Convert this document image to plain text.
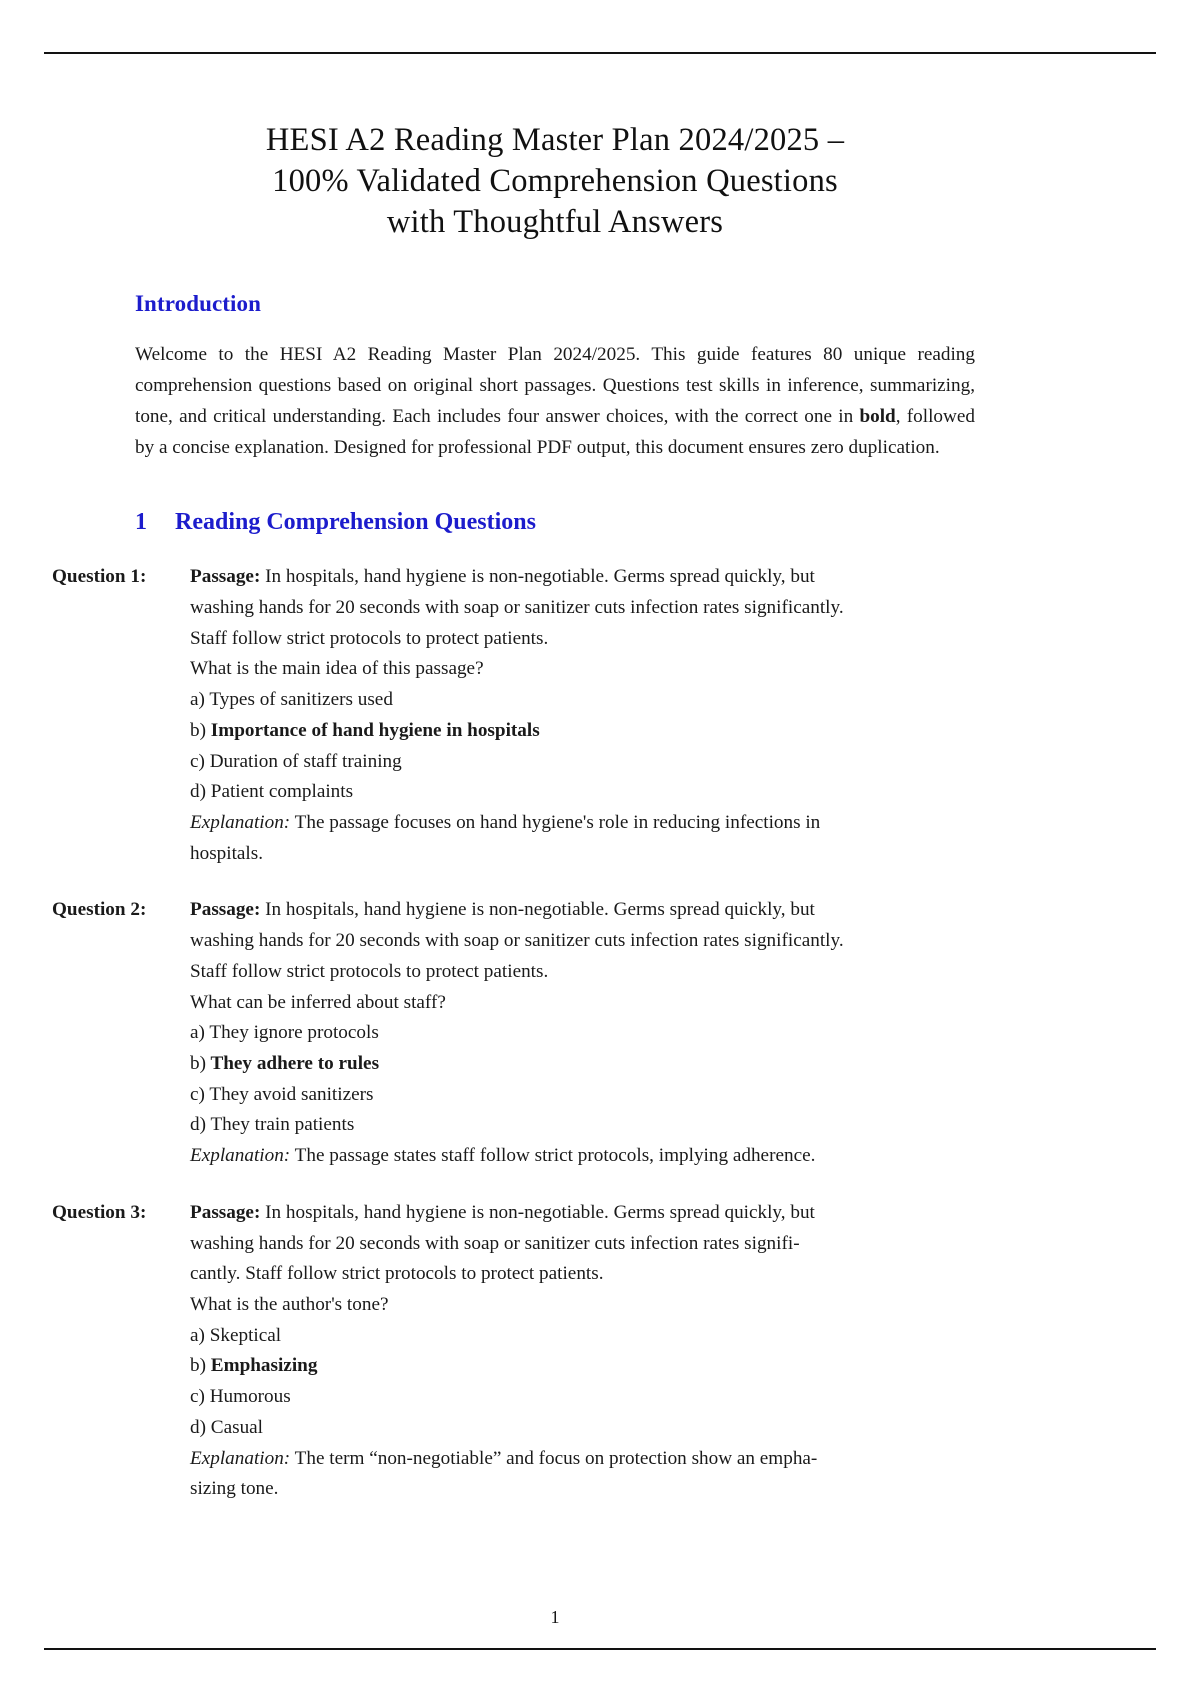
HESI A2 Reading Master Plan 2024/2025 –
100% Validated Comprehension Questions
with Thoughtful Answers
Introduction

Welcome to the HESI A2 Reading Master Plan 2024/2025. This guide features 80 unique reading comprehension questions based on original short passages. Questions test skills in inference, summarizing, tone, and critical understanding. Each includes four answer choices, with the correct one in bold, followed by a concise explanation. Designed for professional PDF output, this document ensures zero duplication.

1	Reading Comprehension Questions
Question 1:	Passage: In hospitals, hand hygiene is non-negotiable. Germs spread quickly, but
washing hands for 20 seconds with soap or sanitizer cuts infection rates significantly.
Staff follow strict protocols to protect patients.
What is the main idea of this passage?
a) Types of sanitizers used
b) Importance of hand hygiene in hospitals
c) Duration of staff training
d) Patient complaints
Explanation: The passage focuses on hand hygiene's role in reducing infections in
hospitals.
Question 2:	Passage: In hospitals, hand hygiene is non-negotiable. Germs spread quickly, but
washing hands for 20 seconds with soap or sanitizer cuts infection rates significantly.
Staff follow strict protocols to protect patients.
What can be inferred about staff?
a) They ignore protocols
b) They adhere to rules
c) They avoid sanitizers
d) They train patients
Explanation: The passage states staff follow strict protocols, implying adherence.
Question 3:	Passage: In hospitals, hand hygiene is non-negotiable. Germs spread quickly, but
washing hands for 20 seconds with soap or sanitizer cuts infection rates signifi-
cantly. Staff follow strict protocols to protect patients.
What is the author's tone?
a) Skeptical
b) Emphasizing
c) Humorous
d) Casual
Explanation: The term “non-negotiable” and focus on protection show an empha-
sizing tone.
1
